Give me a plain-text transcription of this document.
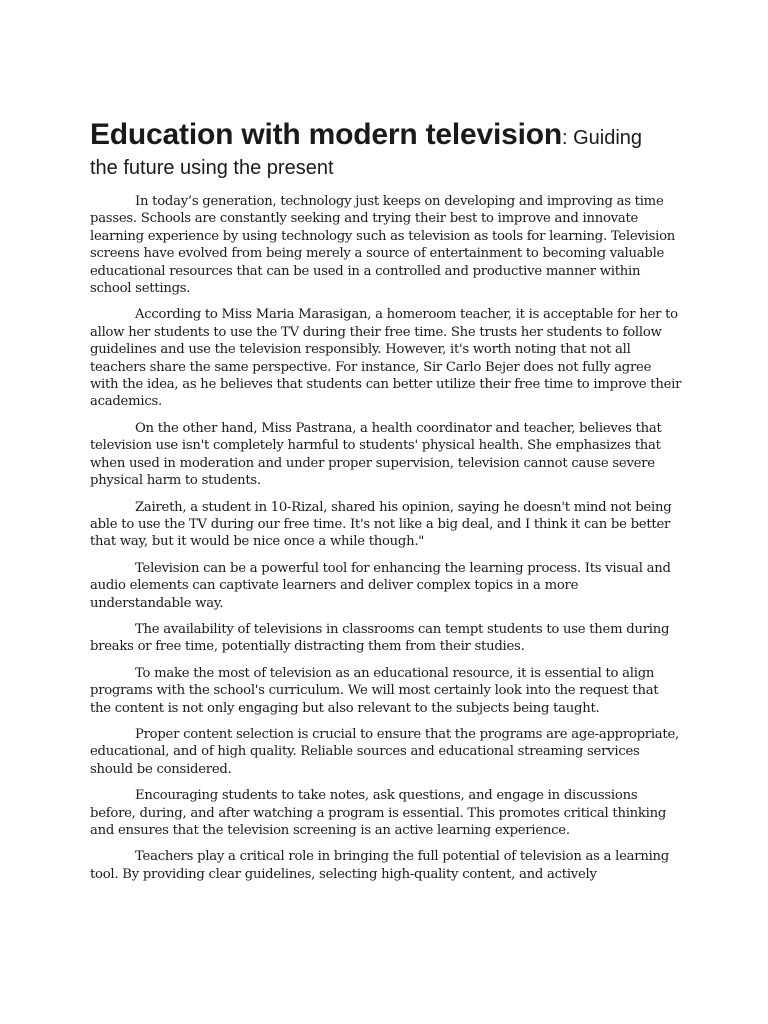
Education with modern television: Guiding
the future using the present

In today’s generation, technology just keeps on developing and improving as time passes. Schools are constantly seeking and trying their best to improve and innovate learning experience by using technology such as television as tools for learning. Television screens have evolved from being merely a source of entertainment to becoming valuable educational resources that can be used in a controlled and productive manner within school settings.

According to Miss Maria Marasigan, a homeroom teacher, it is acceptable for her to allow her students to use the TV during their free time. She trusts her students to follow guidelines and use the television responsibly. However, it's worth noting that not all teachers share the same perspective. For instance, Sir Carlo Bejer does not fully agree with the idea, as he believes that students can better utilize their free time to improve their academics.

On the other hand, Miss Pastrana, a health coordinator and teacher, believes that television use isn't completely harmful to students' physical health. She emphasizes that when used in moderation and under proper supervision, television cannot cause severe physical harm to students.

Zaireth, a student in 10-Rizal, shared his opinion, saying he doesn't mind not being able to use the TV during our free time. It's not like a big deal, and I think it can be better that way, but it would be nice once a while though."

Television can be a powerful tool for enhancing the learning process. Its visual and audio elements can captivate learners and deliver complex topics in a more understandable way.

The availability of televisions in classrooms can tempt students to use them during breaks or free time, potentially distracting them from their studies.

To make the most of television as an educational resource, it is essential to align programs with the school's curriculum. We will most certainly look into the request that the content is not only engaging but also relevant to the subjects being taught.

Proper content selection is crucial to ensure that the programs are age-appropriate, educational, and of high quality. Reliable sources and educational streaming services should be considered.

Encouraging students to take notes, ask questions, and engage in discussions before, during, and after watching a program is essential. This promotes critical thinking and ensures that the television screening is an active learning experience.

Teachers play a critical role in bringing the full potential of television as a learning tool. By providing clear guidelines, selecting high-quality content, and actively
